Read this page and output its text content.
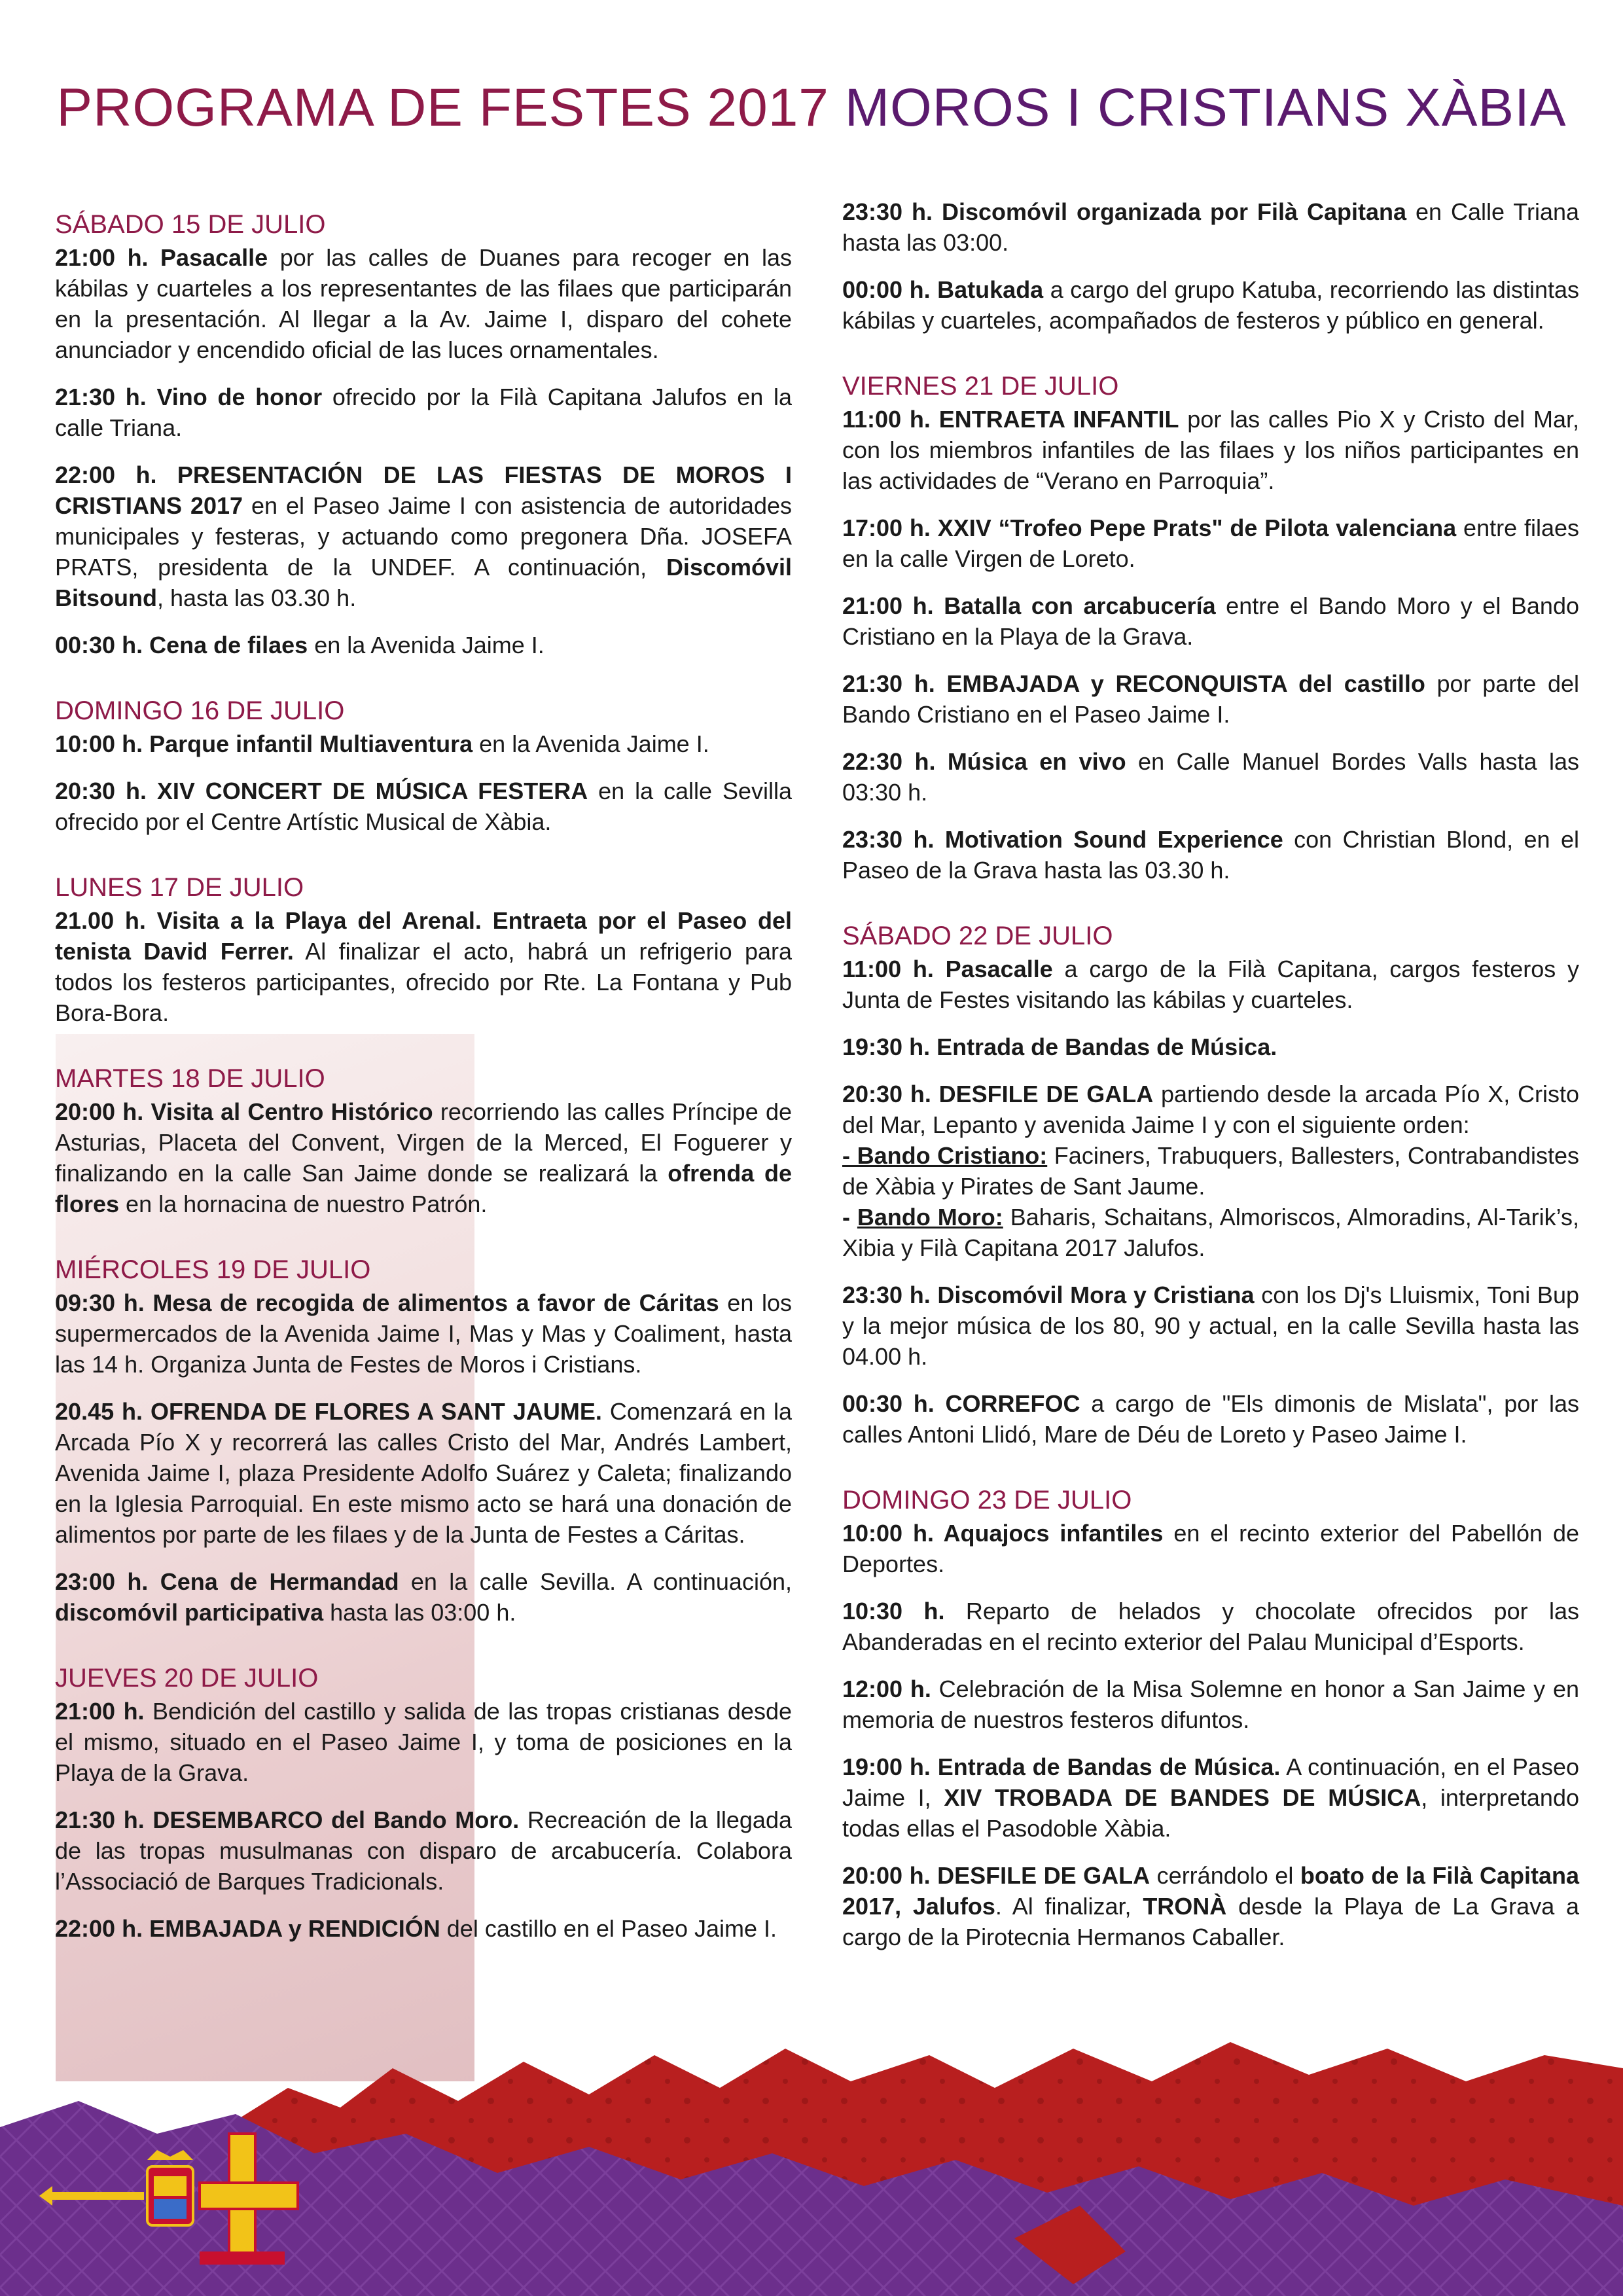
PROGRAMA DE FESTES 2017 MOROS I CRISTIANS XÀBIA

SÁBADO 15 DE JULIO

21:00 h. Pasacalle por las calles de Duanes para recoger en las kábilas y cuarteles a los representantes de las filaes que participarán en la presentación. Al llegar a la Av. Jaime I, disparo del cohete anunciador y encendido oficial de las luces ornamentales.

21:30 h. Vino de honor ofrecido por la Filà Capitana Jalufos en la calle Triana.

22:00 h. PRESENTACIÓN DE LAS FIESTAS DE MOROS I CRISTIANS 2017 en el Paseo Jaime I con asistencia de autoridades municipales y festeras, y actuando como pregonera Dña. JOSEFA PRATS, presidenta de la UNDEF. A continuación, Discomóvil Bitsound, hasta las 03.30 h.

00:30 h. Cena de filaes en la Avenida Jaime I.

DOMINGO 16 DE JULIO

10:00 h. Parque infantil Multiaventura en la Avenida Jaime I.

20:30 h. XIV CONCERT DE MÚSICA FESTERA en la calle Sevilla ofrecido por el Centre Artístic Musical de Xàbia.

LUNES 17 DE JULIO

21.00 h. Visita a la Playa del Arenal. Entraeta por el Paseo del tenista David Ferrer. Al finalizar el acto, habrá un refrigerio para todos los festeros participantes, ofrecido por Rte. La Fontana y Pub Bora-Bora.

MARTES 18 DE JULIO

20:00 h. Visita al Centro Histórico recorriendo las calles Príncipe de Asturias, Placeta del Convent, Virgen de la Merced, El Foguerer y finalizando en la calle San Jaime donde se realizará la ofrenda de flores en la hornacina de nuestro Patrón.

MIÉRCOLES 19 DE JULIO

09:30 h. Mesa de recogida de alimentos a favor de Cáritas en los supermercados de la Avenida Jaime I, Mas y Mas y Coaliment, hasta las 14 h. Organiza Junta de Festes de Moros i Cristians.

20.45 h. OFRENDA DE FLORES A SANT JAUME. Comenzará en la Arcada Pío X y recorrerá las calles Cristo del Mar, Andrés Lambert, Avenida Jaime I, plaza Presidente Adolfo Suárez y Caleta; finalizando en la Iglesia Parroquial. En este mismo acto se hará una donación de alimentos por parte de les filaes y de la Junta de Festes a Cáritas.

23:00 h. Cena de Hermandad en la calle Sevilla. A continuación, discomóvil participativa hasta las 03:00 h.

JUEVES 20 DE JULIO

21:00 h. Bendición del castillo y salida de las tropas cristianas desde el mismo, situado en el Paseo Jaime I, y toma de posiciones en la Playa de la Grava.

21:30 h. DESEMBARCO del Bando Moro. Recreación de la llegada de las tropas musulmanas con disparo de arcabucería. Colabora l’Associació de Barques Tradicionals.

22:00 h. EMBAJADA y RENDICIÓN del castillo en el Paseo Jaime I.

23:30 h. Discomóvil organizada por Filà Capitana en Calle Triana hasta las 03:00.

00:00 h. Batukada a cargo del grupo Katuba, recorriendo las distintas kábilas y cuarteles, acompañados de festeros y público en general.

VIERNES 21 DE JULIO

11:00 h. ENTRAETA INFANTIL por las calles Pio X y Cristo del Mar, con los miembros infantiles de las filaes y los niños participantes en las actividades de “Verano en Parroquia”.

17:00 h. XXIV “Trofeo Pepe Prats" de Pilota valenciana entre filaes en la calle Virgen de Loreto.

21:00 h. Batalla con arcabucería entre el Bando Moro y el Bando Cristiano en la Playa de la Grava.

21:30 h. EMBAJADA y RECONQUISTA del castillo por parte del Bando Cristiano en el Paseo Jaime I.

22:30 h. Música en vivo en Calle Manuel Bordes Valls hasta las 03:30 h.

23:30 h. Motivation Sound Experience con Christian Blond, en el Paseo de la Grava hasta las 03.30 h.

SÁBADO 22 DE JULIO

11:00 h. Pasacalle a cargo de la Filà Capitana, cargos festeros y Junta de Festes visitando las kábilas y cuarteles.

19:30 h. Entrada de Bandas de Música.

20:30 h. DESFILE DE GALA partiendo desde la arcada Pío X, Cristo del Mar, Lepanto y avenida Jaime I y con el siguiente orden:
- Bando Cristiano: Faciners, Trabuquers, Ballesters, Contrabandistes de Xàbia y Pirates de Sant Jaume.
- Bando Moro: Baharis, Schaitans, Almoriscos, Almoradins, Al-Tarik’s, Xibia y Filà Capitana 2017 Jalufos.

23:30 h. Discomóvil Mora y Cristiana con los Dj's Lluismix, Toni Bup y la mejor música de los 80, 90 y actual, en la calle Sevilla hasta las 04.00 h.

00:30 h. CORREFOC a cargo de "Els dimonis de Mislata", por las calles Antoni Llidó, Mare de Déu de Loreto y Paseo Jaime I.

DOMINGO 23 DE JULIO

10:00 h. Aquajocs infantiles en el recinto exterior del Pabellón de Deportes.

10:30 h. Reparto de helados y chocolate ofrecidos por las Abanderadas en el recinto exterior del Palau Municipal d’Esports.

12:00 h. Celebración de la Misa Solemne en honor a San Jaime y en memoria de nuestros festeros difuntos.

19:00 h. Entrada de Bandas de Música. A continuación, en el Paseo Jaime I, XIV TROBADA DE BANDES DE MÚSICA, interpretando todas ellas el Pasodoble Xàbia.

20:00 h. DESFILE DE GALA cerrándolo el boato de la Filà Capitana 2017, Jalufos. Al finalizar, TRONÀ desde la Playa de La Grava a cargo de la Pirotecnia Hermanos Caballer.
